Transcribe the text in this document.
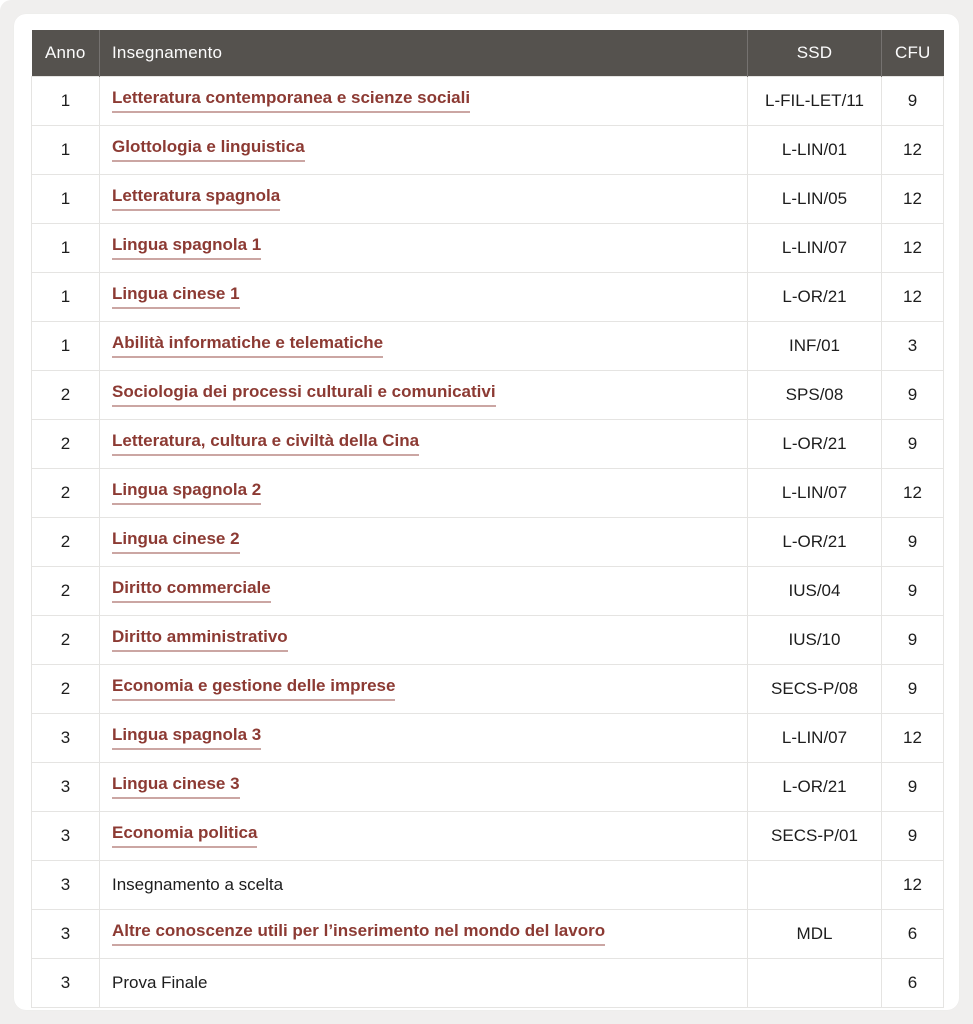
Anno	Insegnamento	SSD	CFU
1	Letteratura contemporanea e scienze sociali	L-FIL-LET/11	9
1	Glottologia e linguistica	L-LIN/01	12
1	Letteratura spagnola	L-LIN/05	12
1	Lingua spagnola 1	L-LIN/07	12
1	Lingua cinese 1	L-OR/21	12
1	Abilità informatiche e telematiche	INF/01	3
2	Sociologia dei processi culturali e comunicativi	SPS/08	9
2	Letteratura, cultura e civiltà della Cina	L-OR/21	9
2	Lingua spagnola 2	L-LIN/07	12
2	Lingua cinese 2	L-OR/21	9
2	Diritto commerciale	IUS/04	9
2	Diritto amministrativo	IUS/10	9
2	Economia e gestione delle imprese	SECS-P/08	9
3	Lingua spagnola 3	L-LIN/07	12
3	Lingua cinese 3	L-OR/21	9
3	Economia politica	SECS-P/01	9
3	Insegnamento a scelta		12
3	Altre conoscenze utili per l’inserimento nel mondo del lavoro	MDL	6
3	Prova Finale		6
